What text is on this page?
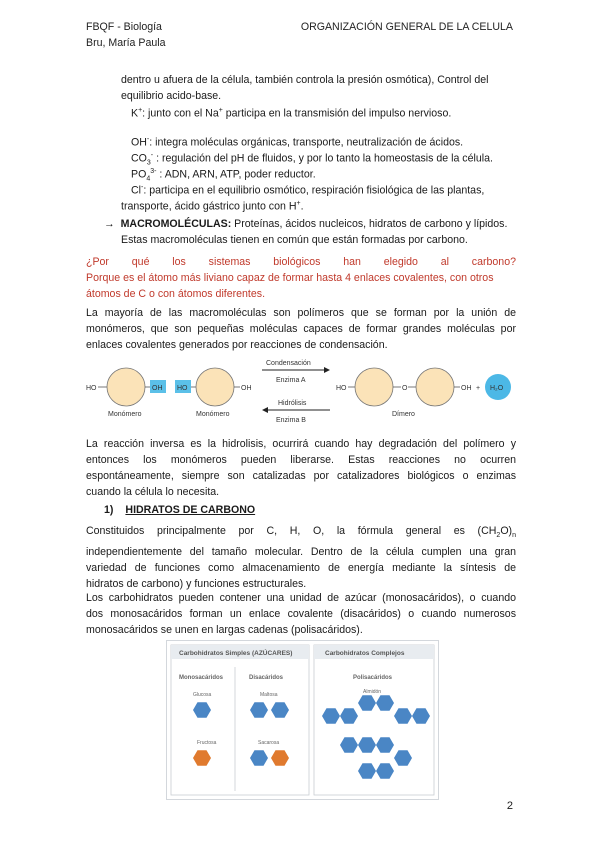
FBQF - Biología
Bru, María Paula
ORGANIZACIÓN GENERAL DE LA CELULA

dentro u afuera de la célula, también controla la presión osmótica), Control del

equilibrio acido-base.

K+: junto con el Na+ participa en la transmisión del impulso nervioso.
OH-: integra moléculas orgánicas, transporte, neutralización de ácidos.
$CO_3^-$ : regulación del pH de fluidos, y por lo tanto la homeostasis de la célula.
$PO_4^{3-}$ : ADN, ARN, ATP, poder reductor.
Cl-: participa en el equilibrio osmótico, respiración fisiológica de las plantas,
transporte, ácido gástrico junto con H+.
→ MACROMOLÉCULAS: Proteínas, ácidos nucleicos, hidratos de carbono y lípidos.
Estas macromoléculas tienen en común que están formadas por carbono.

¿Por qué los sistemas biológicos han elegido al carbono?

Porque es el átomo más liviano capaz de formar hasta 4 enlaces covalentes, con otros

átomos de C o con átomos diferentes.

La mayoría de las macromoléculas son polímeros que se forman por la unión de

monómeros, que son pequeñas moléculas capaces de formar grandes moléculas por

enlaces covalentes generados por reacciones de condensación.

HO	OH
Monómero
HO	OH
Monómero
Condensación
Enzima A
Hidrólisis
Enzima B
HO	O	OH + H₂O
Dímero

La reacción inversa es la hidrolisis, ocurrirá cuando hay degradación del polímero y

entonces los monómeros pueden liberarse. Estas reacciones no ocurren

espontáneamente, siempre son catalizadas por catalizadores biológicos o enzimas

cuando la célula lo necesita.

1) HIDRATOS DE CARBONO

Constituidos principalmente por C, H, O, la fórmula general es $(CH_2O)_n$

independientemente del tamaño molecular. Dentro de la célula cumplen una gran

variedad de funciones como almacenamiento de energía mediante la síntesis de

hidratos de carbono) y funciones estructurales.

Los carbohidratos pueden contener una unidad de azúcar (monosacáridos), o cuando

dos monosacáridos forman un enlace covalente (disacáridos) o cuando numerosos

monosacáridos se unen en largas cadenas (polisacáridos).

Carbohidratos Simples (AZÚCARES)	Carbohidratos Complejos
Monosacáridos	Disacáridos	Polisacáridos
Glucosa
Fructosa
Maltosa
Sacarosa
Almidón
2
